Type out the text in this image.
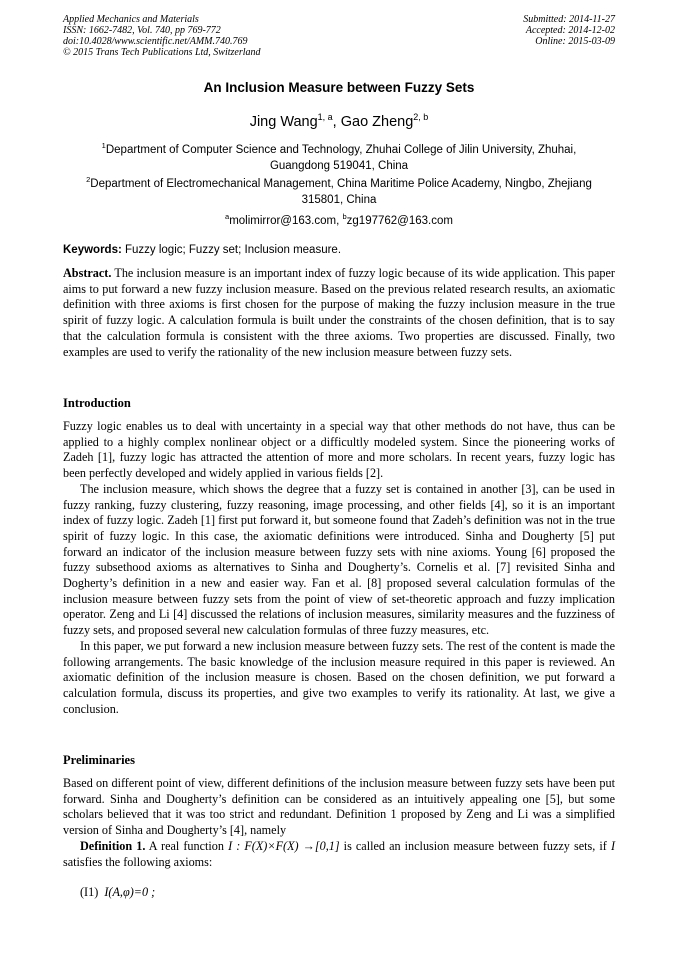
Applied Mechanics and Materials
ISSN: 1662-7482, Vol. 740, pp 769-772
doi:10.4028/www.scientific.net/AMM.740.769
© 2015 Trans Tech Publications Ltd, Switzerland
Submitted: 2014-11-27
Accepted: 2014-12-02
Online: 2015-03-09
An Inclusion Measure between Fuzzy Sets
Jing Wang$^{1, a}$, Gao Zheng$^{2, b}$
$^1$Department of Computer Science and Technology, Zhuhai College of Jilin University, Zhuhai, Guangdong 519041, China
$^2$Department of Electromechanical Management, China Maritime Police Academy, Ningbo, Zhejiang 315801, China
$^a$molimirror@163.com, $^b$zg197762@163.com
Keywords: Fuzzy logic; Fuzzy set; Inclusion measure.

Abstract. The inclusion measure is an important index of fuzzy logic because of its wide application. This paper aims to put forward a new fuzzy inclusion measure. Based on the previous related research results, an axiomatic definition with three axioms is first chosen for the purpose of making the fuzzy inclusion measure in the true spirit of fuzzy logic. A calculation formula is built under the constraints of the chosen definition, that is to say that the calculation formula is consistent with the three axioms. Two properties are discussed. Finally, two examples are used to verify the rationality of the new inclusion measure between fuzzy sets.

Introduction

Fuzzy logic enables us to deal with uncertainty in a special way that other methods do not have, thus can be applied to a highly complex nonlinear object or a difficultly modeled system. Since the pioneering works of Zadeh [1], fuzzy logic has attracted the attention of more and more scholars. In recent years, fuzzy logic has been perfectly developed and widely applied in various fields [2].

The inclusion measure, which shows the degree that a fuzzy set is contained in another [3], can be used in fuzzy ranking, fuzzy clustering, fuzzy reasoning, image processing, and other fields [4], so it is an important index of fuzzy logic. Zadeh [1] first put forward it, but someone found that Zadeh’s definition was not in the true spirit of fuzzy logic. In this case, the axiomatic definitions were introduced. Sinha and Dougherty [5] put forward an indicator of the inclusion measure between fuzzy sets with nine axioms. Young [6] proposed the fuzzy subsethood axioms as alternatives to Sinha and Dougherty’s. Cornelis et al. [7] revisited Sinha and Dogherty’s definition in a new and easier way. Fan et al. [8] proposed several calculation formulas of the inclusion measure between fuzzy sets from the point of view of set-theoretic approach and fuzzy implication operator. Zeng and Li [4] discussed the relations of inclusion measures, similarity measures and the fuzziness of fuzzy sets, and proposed several new calculation formulas of three fuzzy measures, etc.

In this paper, we put forward a new inclusion measure between fuzzy sets. The rest of the content is made the following arrangements. The basic knowledge of the inclusion measure required in this paper is reviewed. An axiomatic definition of the inclusion measure is chosen. Based on the chosen definition, we put forward a calculation formula, discuss its properties, and give two examples to verify its rationality. At last, we give a conclusion.

Preliminaries

Based on different point of view, different definitions of the inclusion measure between fuzzy sets have been put forward. Sinha and Dougherty’s definition can be considered as an intuitively appealing one [5], but some scholars believed that it was too strict and redundant. Definition 1 proposed by Zeng and Li was a simplified version of Sinha and Dougherty’s [4], namely

Definition 1. A real function I : F(X)×F(X) →[0,1] is called an inclusion measure between fuzzy sets, if I satisfies the following axioms:

(I1) I(A,φ)=0 ;
